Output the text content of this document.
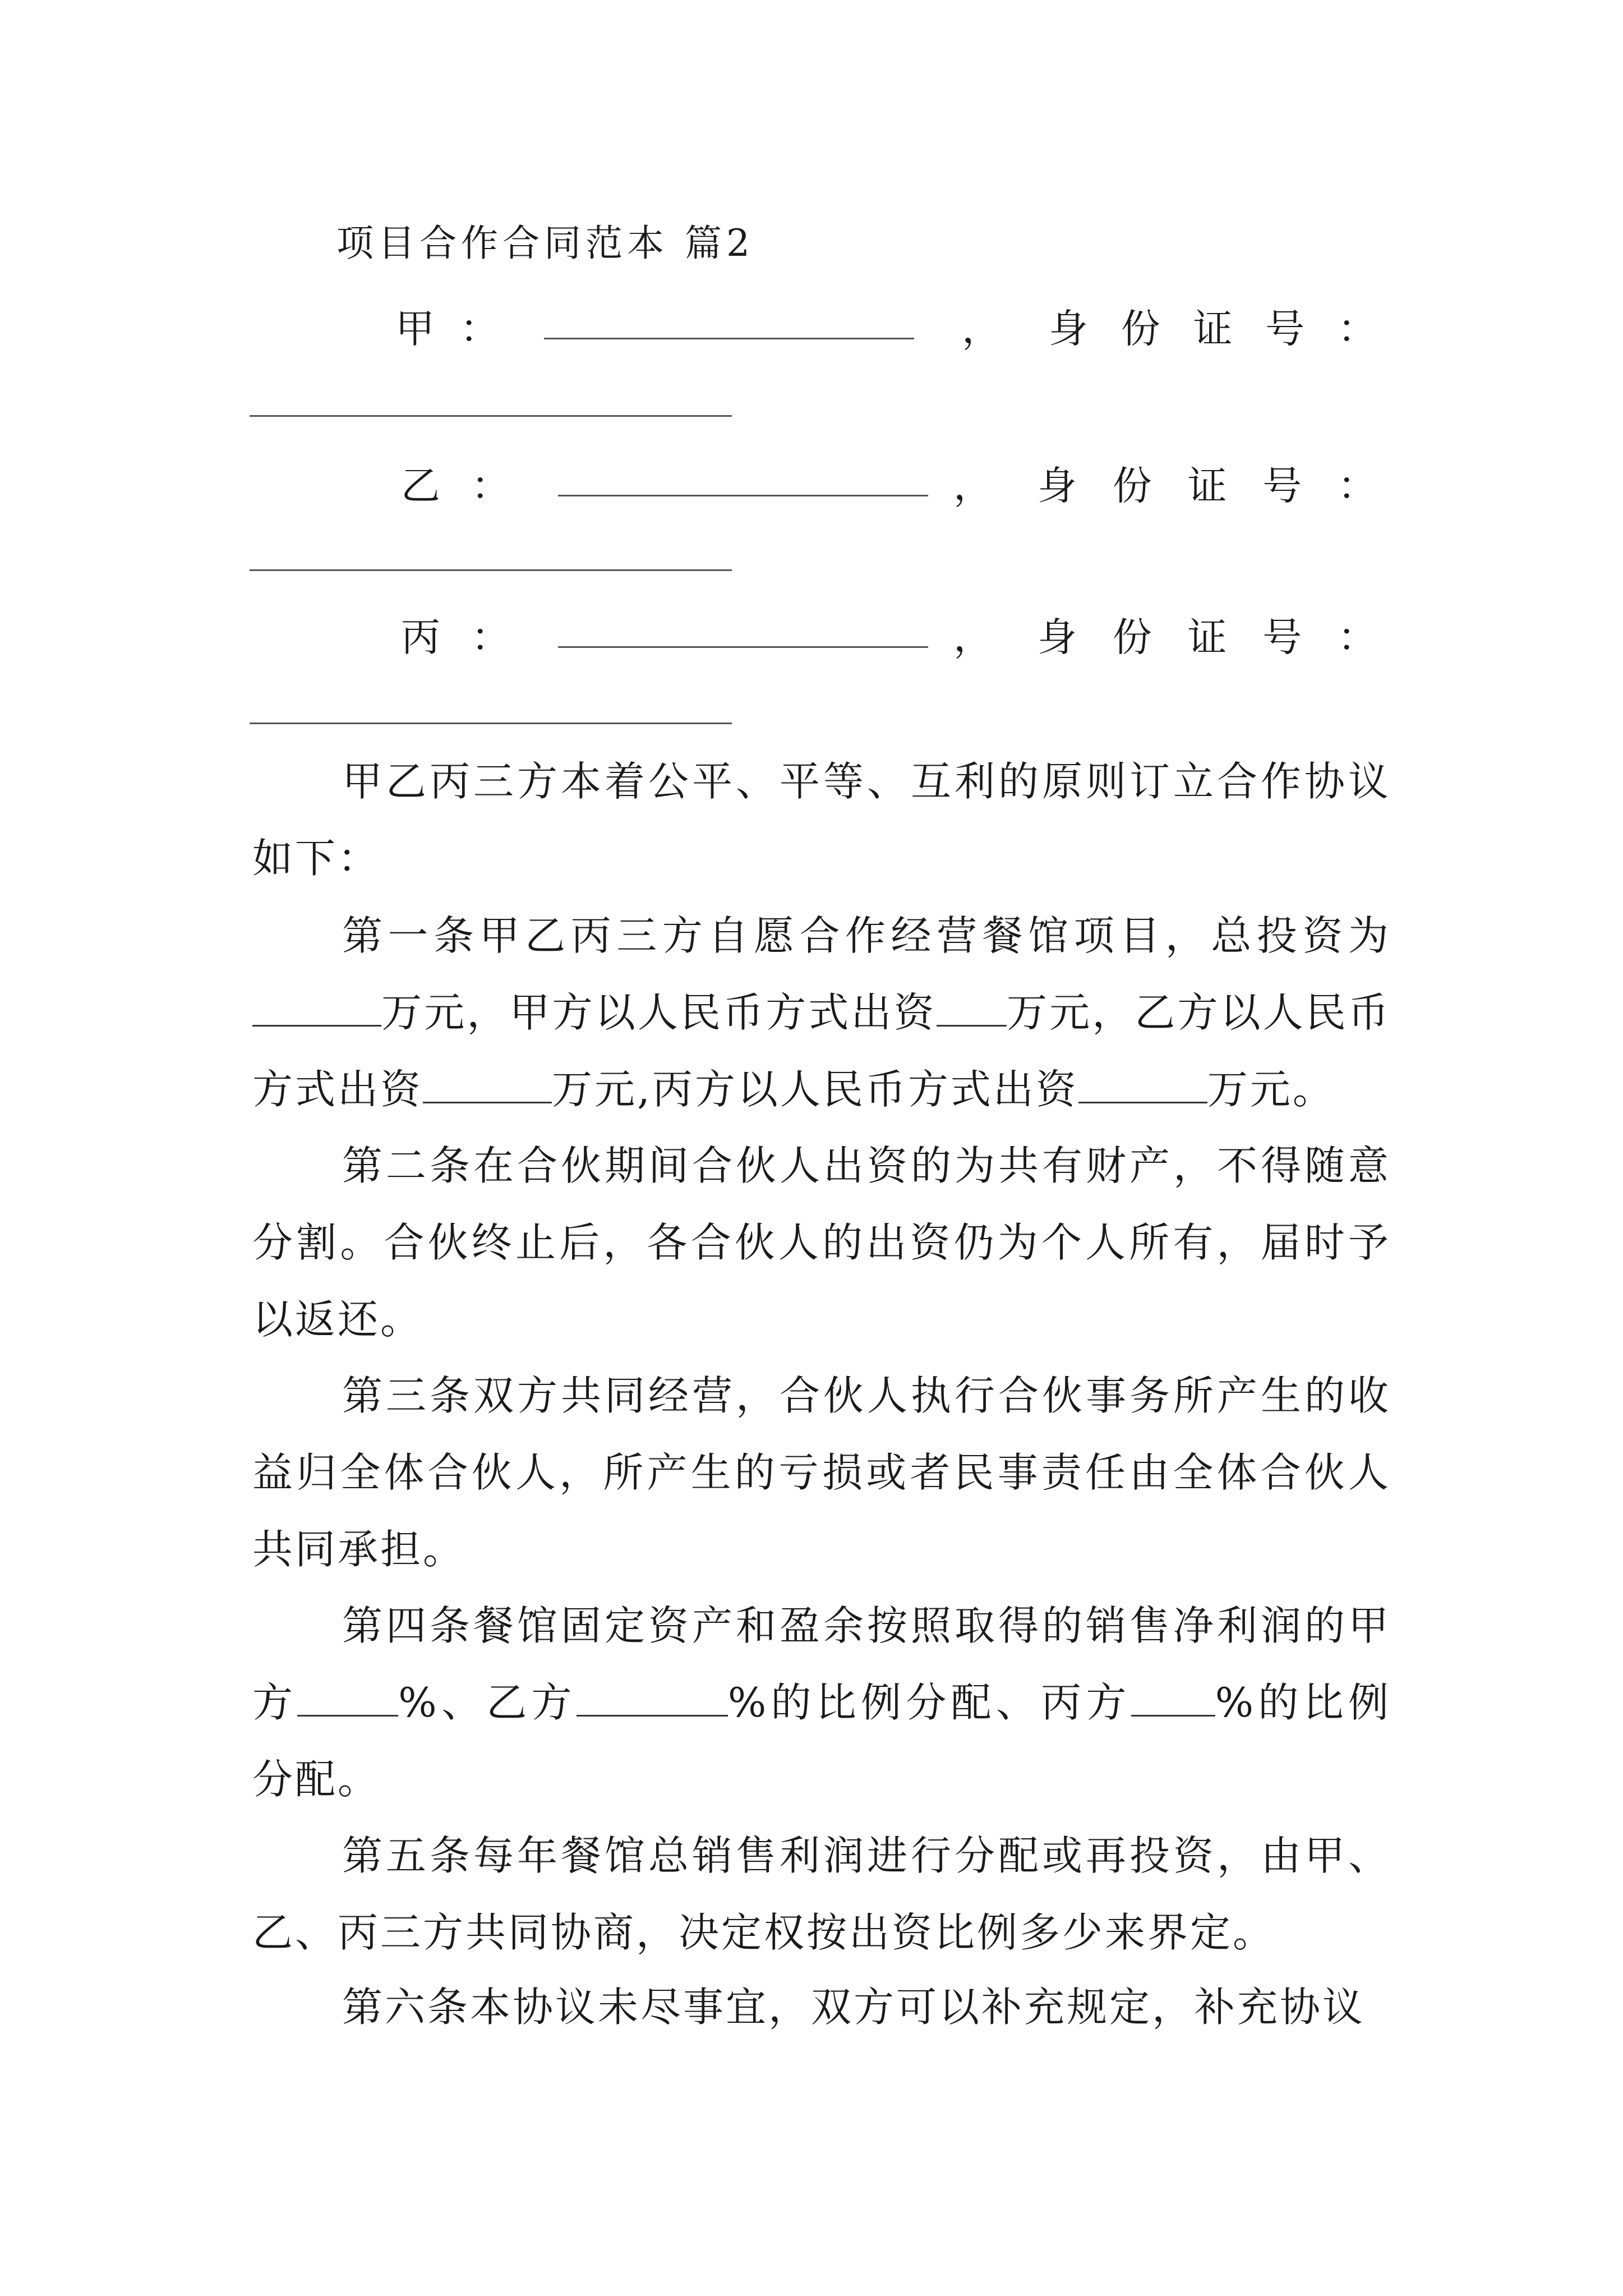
项目合作合同范本 篇2
甲 ：	， 身 份 证 号 ：
乙 ：	， 身 份 证 号 ：
丙 ：	， 身 份 证 号 ：
甲乙丙三方本着公平、平等、互利的原则订立合作协议如下：
第一条甲乙丙三方自愿合作经营餐馆项目，总投资为万元，甲方以人民币方式出资 万元，乙方以人民币方式出资	万元,丙方以人民币方式出资	万元。
第二条在合伙期间合伙人出资的为共有财产，不得随意分割。合伙终止后，各合伙人的出资仍为个人所有，届时予以返还。
第三条双方共同经营，合伙人执行合伙事务所产生的收益归全体合伙人，所产生的亏损或者民事责任由全体合伙人共同承担。
第四条餐馆固定资产和盈余按照取得的销售净利润的甲方	%、乙方	%的比例分配、丙方 %的比例分配。
第五条每年餐馆总销售利润进行分配或再投资，由甲、乙、丙三方共同协商，决定权按出资比例多少来界定。
第六条本协议未尽事宜，双方可以补充规定，补充协议
